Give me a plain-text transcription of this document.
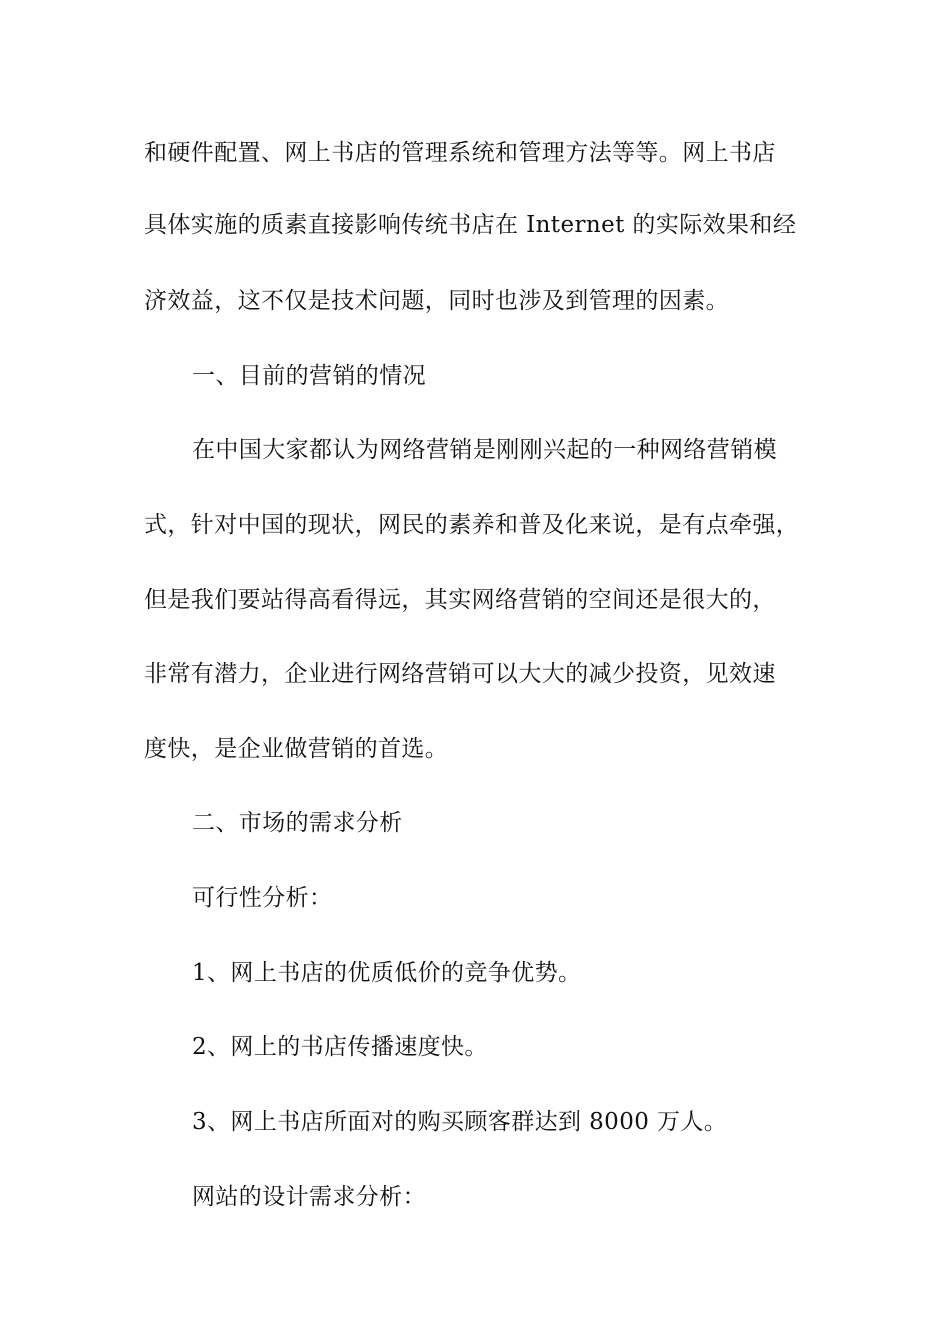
和硬件配置、网上书店的管理系统和管理方法等等。网上书店
具体实施的质素直接影响传统书店在 Internet 的实际效果和经
济效益，这不仅是技术问题，同时也涉及到管理的因素。
一、目前的营销的情况
在中国大家都认为网络营销是刚刚兴起的一种网络营销模
式，针对中国的现状，网民的素养和普及化来说，是有点牵强，
但是我们要站得高看得远，其实网络营销的空间还是很大的，
非常有潜力，企业进行网络营销可以大大的减少投资，见效速
度快，是企业做营销的首选。
二、市场的需求分析
可行性分析：
1、网上书店的优质低价的竞争优势。
2、网上的书店传播速度快。
3、网上书店所面对的购买顾客群达到 8000 万人。
网站的设计需求分析：
